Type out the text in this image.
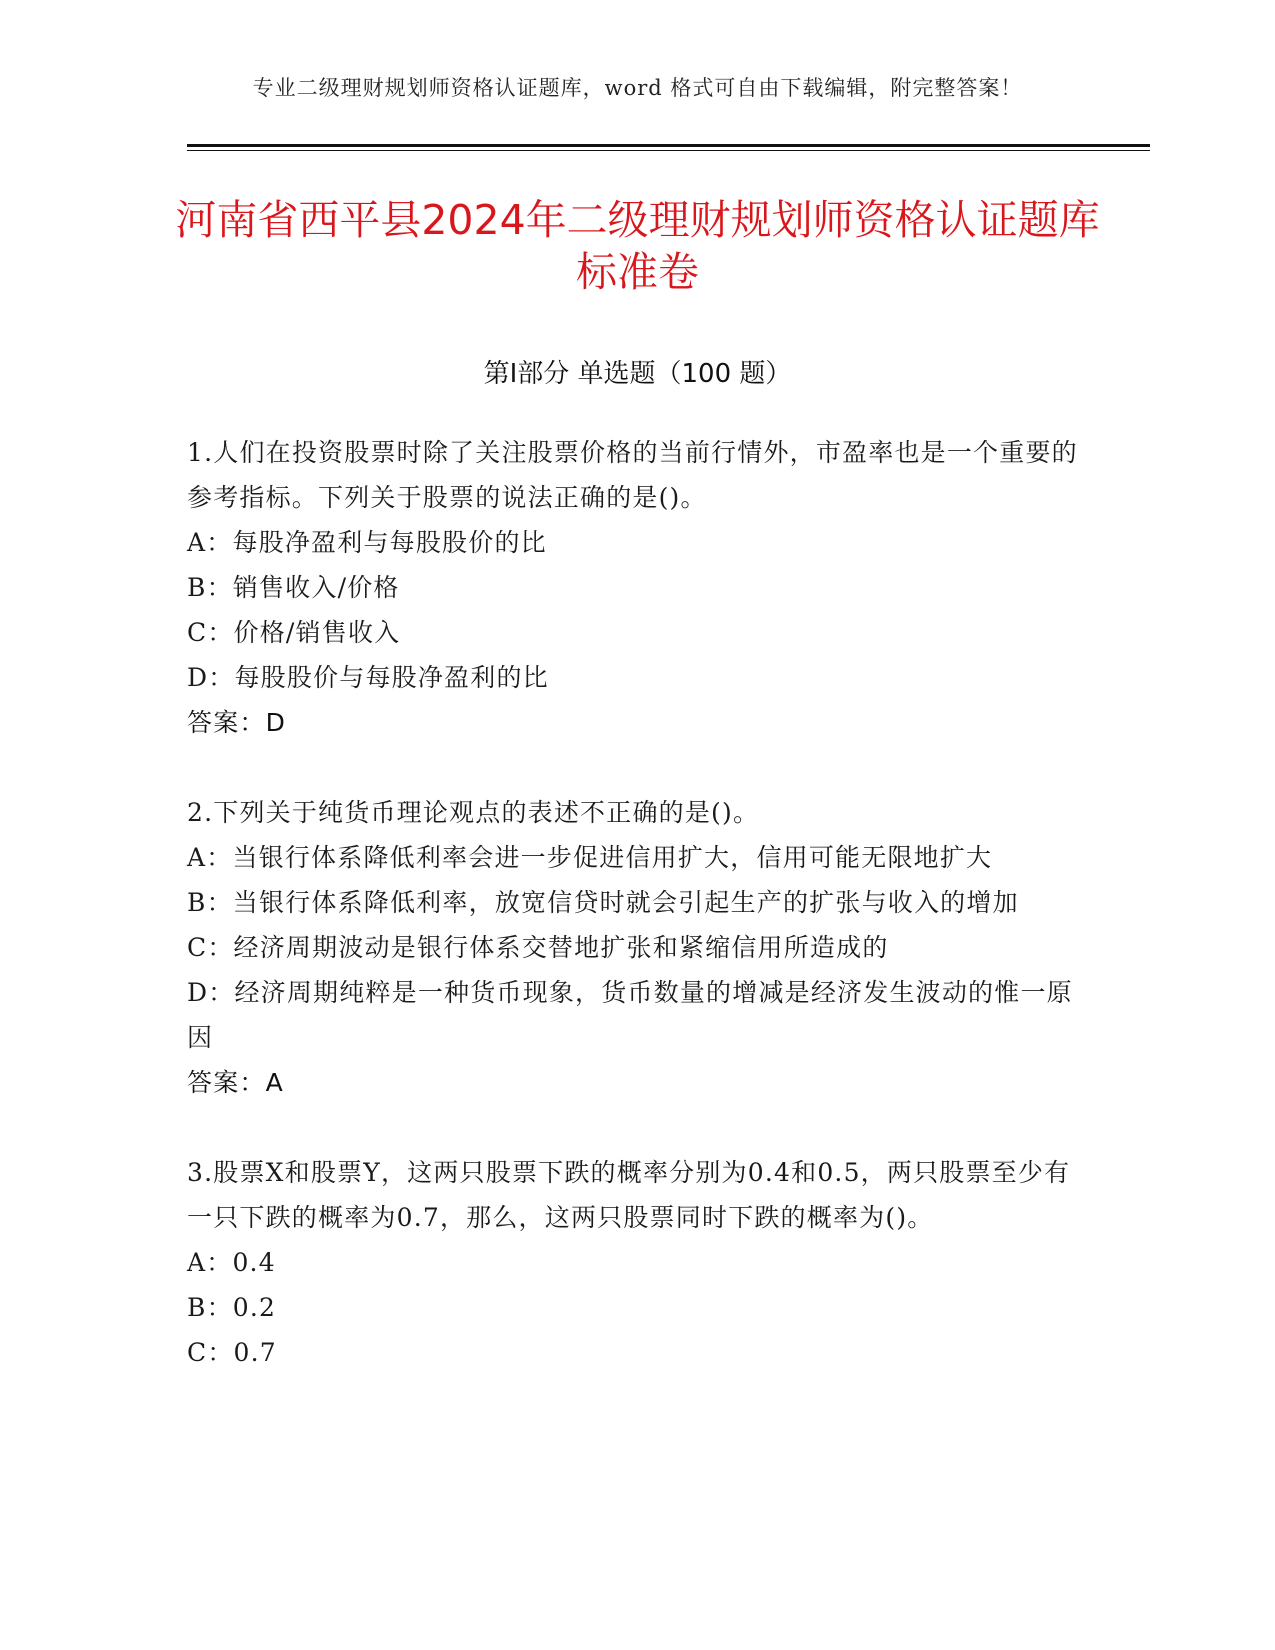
专业二级理财规划师资格认证题库，word 格式可自由下载编辑，附完整答案！
河南省西平县2024年二级理财规划师资格认证题库标准卷
第Ⅰ部分 单选题（100 题）

1.人们在投资股票时除了关注股票价格的当前行情外，市盈率也是一个重要的参考指标。下列关于股票的说法正确的是()。

A：每股净盈利与每股股价的比

B：销售收入/价格

C：价格/销售收入

D：每股股价与每股净盈利的比

答案：D

2.下列关于纯货币理论观点的表述不正确的是()。

A：当银行体系降低利率会进一步促进信用扩大，信用可能无限地扩大

B：当银行体系降低利率，放宽信贷时就会引起生产的扩张与收入的增加

C：经济周期波动是银行体系交替地扩张和紧缩信用所造成的

D：经济周期纯粹是一种货币现象，货币数量的增减是经济发生波动的惟一原因

答案：A

3.股票X和股票Y，这两只股票下跌的概率分别为0.4和0.5，两只股票至少有一只下跌的概率为0.7，那么，这两只股票同时下跌的概率为()。

A：0.4

B：0.2

C：0.7
